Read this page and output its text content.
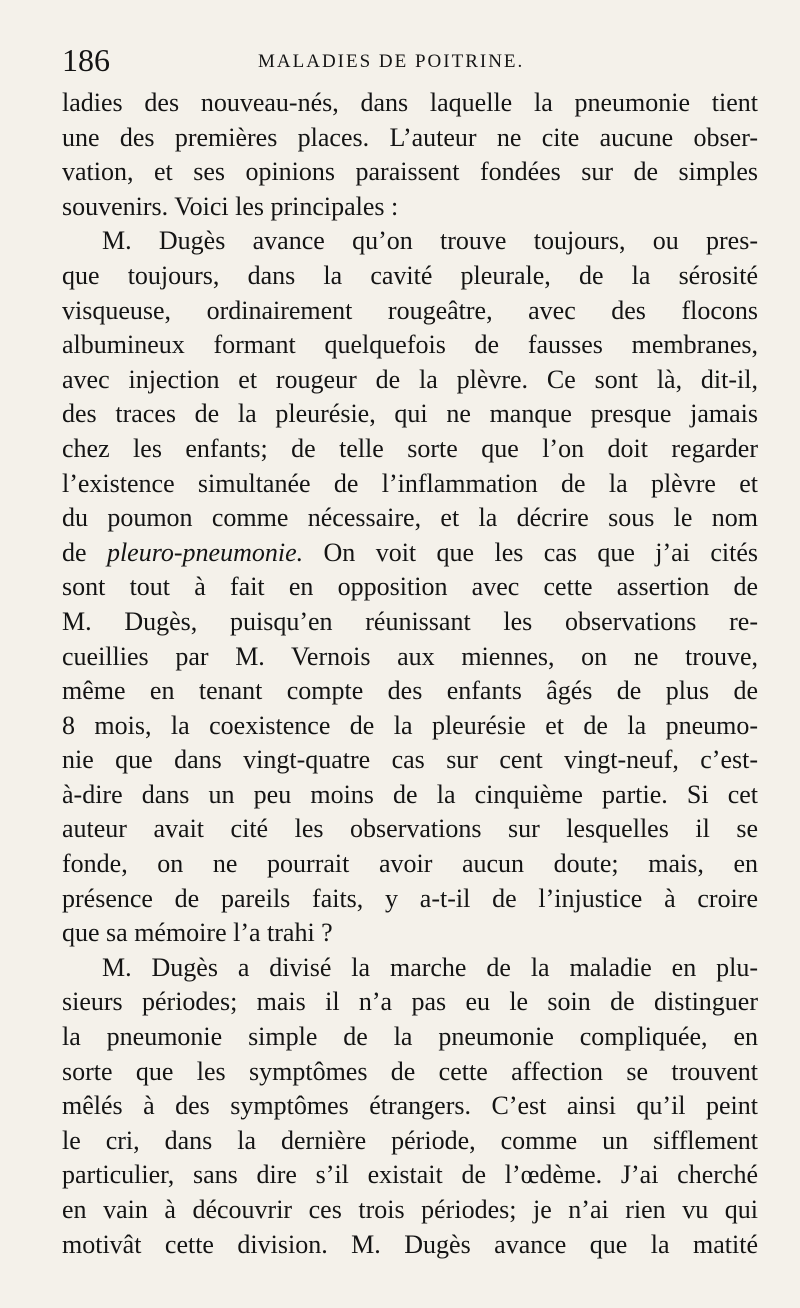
186	MALADIES DE POITRINE.
ladies des nouveau-nés, dans laquelle la pneumonie tient
une des premières places. L’auteur ne cite aucune obser-
vation, et ses opinions paraissent fondées sur de simples
souvenirs. Voici les principales :
M. Dugès avance qu’on trouve toujours, ou pres-
que toujours, dans la cavité pleurale, de la sérosité
visqueuse, ordinairement rougeâtre, avec des flocons
albumineux formant quelquefois de fausses membranes,
avec injection et rougeur de la plèvre. Ce sont là, dit-il,
des traces de la pleurésie, qui ne manque presque jamais
chez les enfants; de telle sorte que l’on doit regarder
l’existence simultanée de l’inflammation de la plèvre et
du poumon comme nécessaire, et la décrire sous le nom
de pleuro-pneumonie. On voit que les cas que j’ai cités
sont tout à fait en opposition avec cette assertion de
M. Dugès, puisqu’en réunissant les observations re-
cueillies par M. Vernois aux miennes, on ne trouve,
même en tenant compte des enfants âgés de plus de
8 mois, la coexistence de la pleurésie et de la pneumo-
nie que dans vingt-quatre cas sur cent vingt-neuf, c’est-
à-dire dans un peu moins de la cinquième partie. Si cet
auteur avait cité les observations sur lesquelles il se
fonde, on ne pourrait avoir aucun doute; mais, en
présence de pareils faits, y a-t-il de l’injustice à croire
que sa mémoire l’a trahi ?
M. Dugès a divisé la marche de la maladie en plu-
sieurs périodes; mais il n’a pas eu le soin de distinguer
la pneumonie simple de la pneumonie compliquée, en
sorte que les symptômes de cette affection se trouvent
mêlés à des symptômes étrangers. C’est ainsi qu’il peint
le cri, dans la dernière période, comme un sifflement
particulier, sans dire s’il existait de l’œdème. J’ai cherché
en vain à découvrir ces trois périodes; je n’ai rien vu qui
motivât cette division. M. Dugès avance que la matité
